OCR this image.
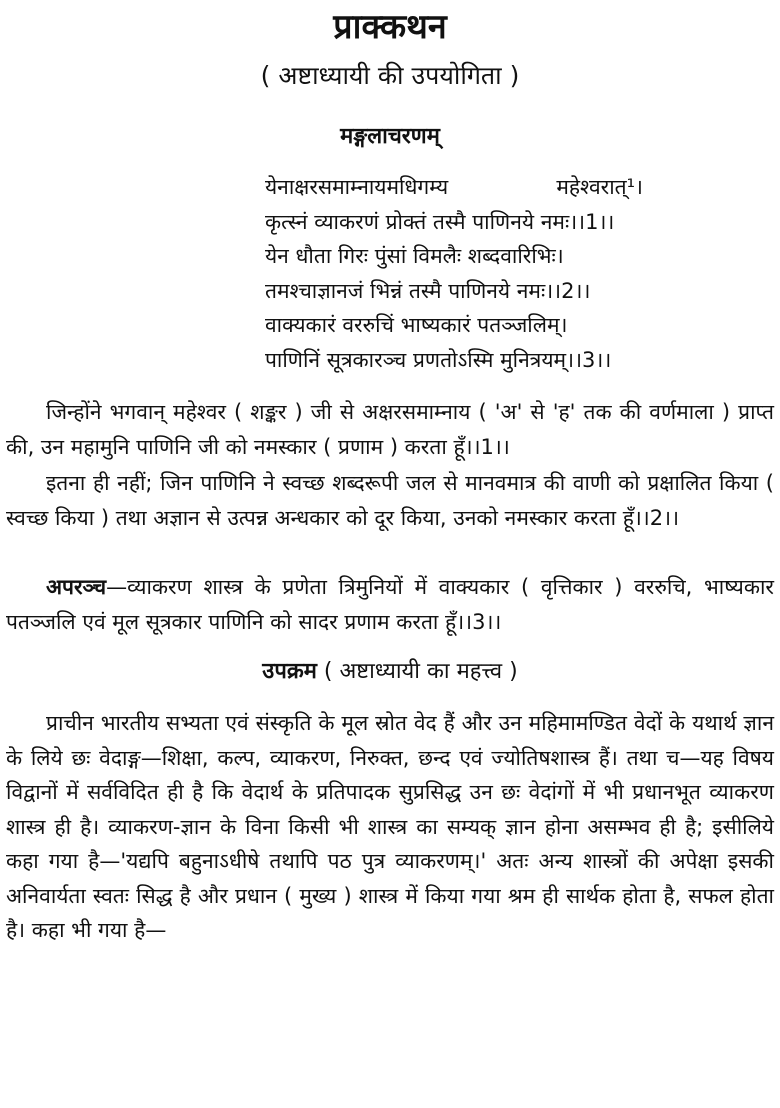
प्राक्कथन
( अष्टाध्यायी की उपयोगिता )
मङ्गलाचरणम्
येनाक्षरसमाम्नायमधिगम्य	महेश्वरात्¹।
कृत्स्नं व्याकरणं प्रोक्तं तस्मै पाणिनये नमः।।1।।
येन धौता गिरः पुंसां विमलैः शब्दवारिभिः।
तमश्चाज्ञानजं भिन्नं तस्मै पाणिनये नमः।।2।।
वाक्यकारं वररुचिं भाष्यकारं पतञ्जलिम्।
पाणिनिं सूत्रकारञ्च प्रणतोऽस्मि मुनित्रयम्।।3।।
जिन्होंने भगवान् महेश्वर ( शङ्कर ) जी से अक्षरसमाम्नाय ( 'अ' से 'ह' तक की वर्णमाला ) प्राप्त की, उन महामुनि पाणिनि जी को नमस्कार ( प्रणाम ) करता हूँ।।1।।
इतना ही नहीं; जिन पाणिनि ने स्वच्छ शब्दरूपी जल से मानवमात्र की वाणी को प्रक्षालित किया ( स्वच्छ किया ) तथा अज्ञान से उत्पन्न अन्धकार को दूर किया, उनको नमस्कार करता हूँ।।2।।
अपरञ्च—व्याकरण शास्त्र के प्रणेता त्रिमुनियों में वाक्यकार ( वृत्तिकार ) वररुचि, भाष्यकार पतञ्जलि एवं मूल सूत्रकार पाणिनि को सादर प्रणाम करता हूँ।।3।।
उपक्रम ( अष्टाध्यायी का महत्त्व )
प्राचीन भारतीय सभ्यता एवं संस्कृति के मूल स्रोत वेद हैं और उन महिमामण्डित वेदों के यथार्थ ज्ञान के लिये छः वेदाङ्ग—शिक्षा, कल्प, व्याकरण, निरुक्त, छन्द एवं ज्योतिषशास्त्र हैं। तथा च—यह विषय विद्वानों में सर्वविदित ही है कि वेदार्थ के प्रतिपादक सुप्रसिद्ध उन छः वेदांगों में भी प्रधानभूत व्याकरण शास्त्र ही है। व्याकरण-ज्ञान के विना किसी भी शास्त्र का सम्यक् ज्ञान होना असम्भव ही है; इसीलिये कहा गया है—'यद्यपि बहुनाऽधीषे तथापि पठ पुत्र व्याकरणम्।' अतः अन्य शास्त्रों की अपेक्षा इसकी अनिवार्यता स्वतः सिद्ध है और प्रधान ( मुख्य ) शास्त्र में किया गया श्रम ही सार्थक होता है, सफल होता है। कहा भी गया है—
